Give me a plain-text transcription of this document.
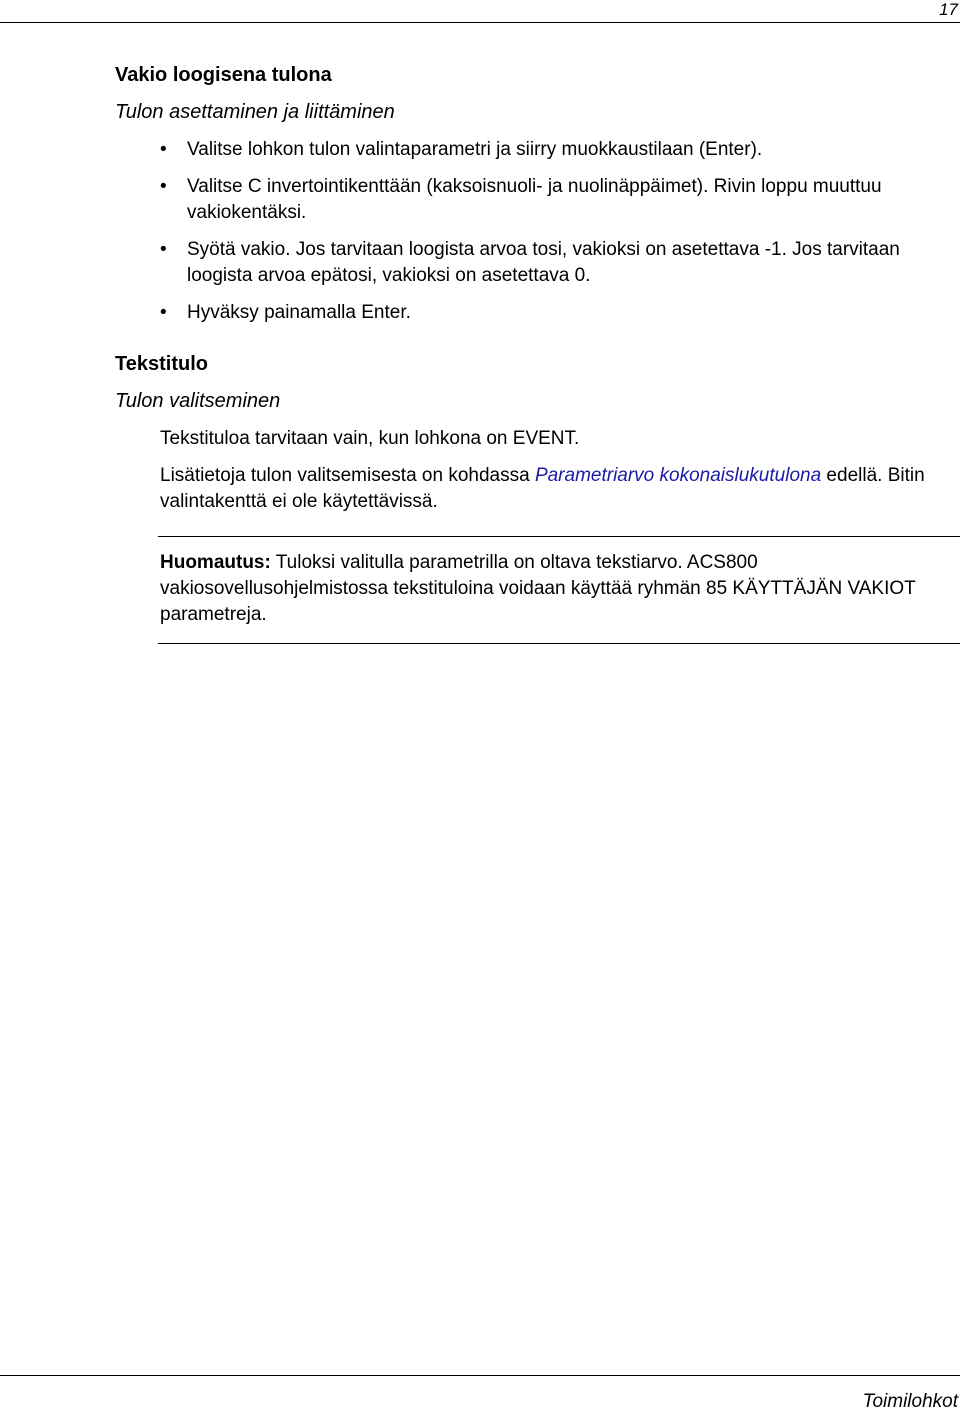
17
Vakio loogisena tulona
Tulon asettaminen ja liittäminen
• Valitse lohkon tulon valintaparametri ja siirry muokkaustilaan (Enter).
• Valitse C invertointikenttään (kaksoisnuoli- ja nuolinäppäimet). Rivin loppu muuttuu vakiokentäksi.
• Syötä vakio. Jos tarvitaan loogista arvoa tosi, vakioksi on asetettava -1. Jos tarvitaan loogista arvoa epätosi, vakioksi on asetettava 0.
• Hyväksy painamalla Enter.
Tekstitulo
Tulon valitseminen

Tekstituloa tarvitaan vain, kun lohkona on EVENT.

Lisätietoja tulon valitsemisesta on kohdassa Parametriarvo kokonaislukutulona edellä. Bitin valintakenttä ei ole käytettävissä.

Huomautus: Tuloksi valitulla parametrilla on oltava tekstiarvo. ACS800 vakiosovellusohjelmistossa tekstituloina voidaan käyttää ryhmän 85 KÄYTTÄJÄN VAKIOT parametreja.

Toimilohkot
